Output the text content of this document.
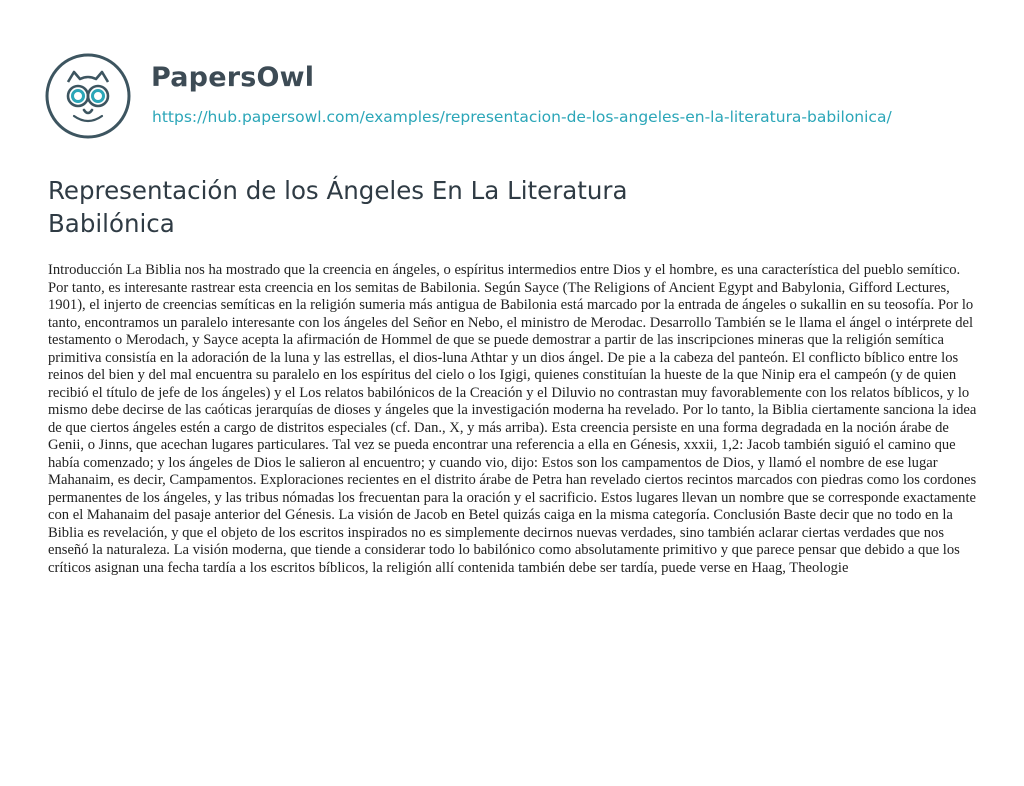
PapersOwl
https://hub.papersowl.com/examples/representacion-de-los-angeles-en-la-literatura-babilonica/
Representación de los Ángeles En La Literatura Babilónica

Introducción La Biblia nos ha mostrado que la creencia en ángeles, o espíritus intermedios entre Dios y el hombre, es una característica del pueblo semítico. Por tanto, es interesante rastrear esta creencia en los semitas de Babilonia. Según Sayce (The Religions of Ancient Egypt and Babylonia, Gifford Lectures, 1901), el injerto de creencias semíticas en la religión sumeria más antigua de Babilonia está marcado por la entrada de ángeles o sukallin en su teosofía. Por lo tanto, encontramos un paralelo interesante con los ángeles del Señor en Nebo, el ministro de Merodac. Desarrollo También se le llama el ángel o intérprete del testamento o Merodach, y Sayce acepta la afirmación de Hommel de que se puede demostrar a partir de las inscripciones mineras que la religión semítica primitiva consistía en la adoración de la luna y las estrellas, el dios-luna Athtar y un dios ángel. De pie a la cabeza del panteón. El conflicto bíblico entre los reinos del bien y del mal encuentra su paralelo en los espíritus del cielo o los Igigi, quienes constituían la hueste de la que Ninip era el campeón (y de quien recibió el título de jefe de los ángeles) y el Los relatos babilónicos de la Creación y el Diluvio no contrastan muy favorablemente con los relatos bíblicos, y lo mismo debe decirse de las caóticas jerarquías de dioses y ángeles que la investigación moderna ha revelado. Por lo tanto, la Biblia ciertamente sanciona la idea de que ciertos ángeles estén a cargo de distritos especiales (cf. Dan., X, y más arriba). Esta creencia persiste en una forma degradada en la noción árabe de Genii, o Jinns, que acechan lugares particulares. Tal vez se pueda encontrar una referencia a ella en Génesis, xxxii, 1,2: Jacob también siguió el camino que había comenzado; y los ángeles de Dios le salieron al encuentro; y cuando vio, dijo: Estos son los campamentos de Dios, y llamó el nombre de ese lugar Mahanaim, es decir, Campamentos. Exploraciones recientes en el distrito árabe de Petra han revelado ciertos recintos marcados con piedras como los cordones permanentes de los ángeles, y las tribus nómadas los frecuentan para la oración y el sacrificio. Estos lugares llevan un nombre que se corresponde exactamente con el Mahanaim del pasaje anterior del Génesis. La visión de Jacob en Betel quizás caiga en la misma categoría. Conclusión Baste decir que no todo en la Biblia es revelación, y que el objeto de los escritos inspirados no es simplemente decirnos nuevas verdades, sino también aclarar ciertas verdades que nos enseñó la naturaleza. La visión moderna, que tiende a considerar todo lo babilónico como absolutamente primitivo y que parece pensar que debido a que los críticos asignan una fecha tardía a los escritos bíblicos, la religión allí contenida también debe ser tardía, puede verse en Haag, Theologie
